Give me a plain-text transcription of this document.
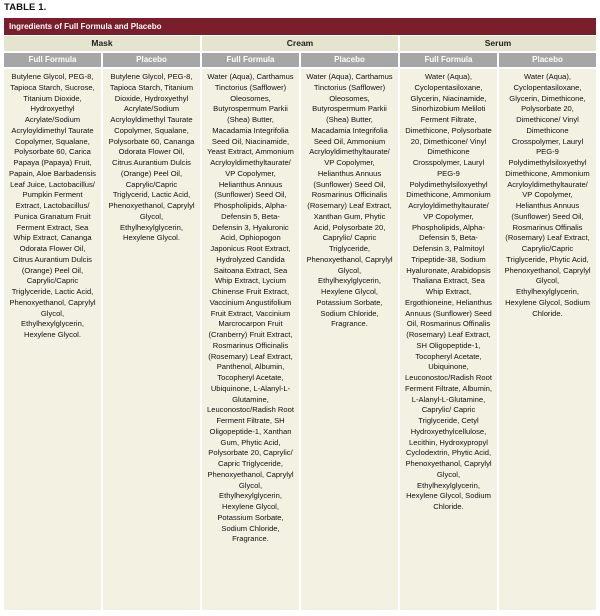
TABLE 1.
Ingredients of Full Formula and Placebo
Mask	Cream	Serum
Full Formula	Placebo	Full Formula	Placebo	Full Formula	Placebo
Butylene Glycol, PEG-8, Tapioca Starch, Sucrose, Titanium Dioxide, Hydroxyethyl Acrylate/Sodium Acryloyldimethyl Taurate Copolymer, Squalane, Polysorbate 60, Carica Papaya (Papaya) Fruit, Papain, Aloe Barbadensis Leaf Juice, Lactobacillus/ Pumpkin Ferment Extract, Lactobacillus/ Punica Granatum Fruit Ferment Extract, Sea Whip Extract, Cananga Odorata Flower Oil, Citrus Aurantium Dulcis (Orange) Peel Oil, Caprylic/Capric Triglyceride, Lactic Acid, Phenoxyethanol, Caprylyl Glycol, Ethylhexylglycerin, Hexylene Glycol.
Butylene Glycol, PEG-8, Tapioca Starch, Titanium Dioxide, Hydroxyethyl Acrylate/Sodium Acryloyldimethyl Taurate Copolymer, Squalane, Polysorbate 60, Cananga Odorata Flower Oil, Citrus Aurantium Dulcis (Orange) Peel Oil, Caprylic/Capric Triglycerid, Lactic Acid, Phenoxyethanol, Caprylyl Glycol, Ethylhexylglycerin, Hexylene Glycol.
Water (Aqua), Carthamus Tinctorius (Safflower) Oleosomes, Butyrospermum Parkii (Shea) Butter, Macadamia Integrifolia Seed Oil, Niacinamide, Yeast Extract, Ammonium Acryloyldimethyltaurate/ VP Copolymer, Helianthus Annuus (Sunflower) Seed Oil, Phospholipids, Alpha-Defensin 5, Beta-Defensin 3, Hyaluronic Acid, Ophiopogon Japonicus Root Extract, Hydrolyzed Candida Saitoana Extract, Sea Whip Extract, Lycium Chinense Fruit Extract, Vaccinium Angustifolium Fruit Extract, Vaccinium Marcrocarpon Fruit (Cranberry) Fruit Extract, Rosmarinus Officinalis (Rosemary) Leaf Extract, Panthenol, Albumin, Tocopheryl Acetate, Ubiquinone, L-Alanyl-L-Glutamine, Leuconostoc/Radish Root Ferment Filtrate, SH Oligopeptide-1, Xanthan Gum, Phytic Acid, Polysorbate 20, Caprylic/ Capric Triglyceride, Phenoxyethanol, Caprylyl Glycol, Ethylhexylglycerin, Hexylene Glycol, Potassium Sorbate, Sodium Chloride, Fragrance.
Water (Aqua), Carthamus Tinctorius (Safflower) Oleosomes, Butyrospermum Parkii (Shea) Butter, Macadamia Integrifolia Seed Oil, Ammonium Acryloyldimethyltaurate/ VP Copolymer, Helianthus Annuus (Sunflower) Seed Oil, Rosmarinus Officinalis (Rosemary) Leaf Extract, Xanthan Gum, Phytic Acid, Polysorbate 20, Caprylic/ Capric Triglyceride, Phenoxyethanol, Caprylyl Glycol, Ethylhexylglycerin, Hexylene Glycol, Potassium Sorbate, Sodium Chloride, Fragrance.
Water (Aqua), Cyclopentasiloxane, Glycerin, Niacinamide, Sinorhizobium Meliloti Ferment Filtrate, Dimethicone, Polysorbate 20, Dimethicone/ Vinyl Dimethicone Crosspolymer, Lauryl PEG-9 Polydimethylsiloxyethyl Dimethicone, Ammonium Acryloyldimethyltaurate/ VP Copolymer, Phospholipids, Alpha-Defensin 5, Beta-Defensin 3, Palmitoyl Tripeptide-38, Sodium Hyaluronate, Arabidopsis Thaliana Extract, Sea Whip Extract, Ergothioneine, Helianthus Annuus (Sunflower) Seed Oil, Rosmarinus Offinalis (Rosemary) Leaf Extract, SH Oligopeptide-1, Tocopheryl Acetate, Ubiquinone, Leuconostoc/Radish Root Ferment Filtrate, Albumin, L-Alanyl-L-Glutamine, Caprylic/ Capric Triglyceride, Cetyl Hydroxyethylcellulose, Lecithin, Hydroxypropyl Cyclodextrin, Phytic Acid, Phenoxyethanol, Caprylyl Glycol, Ethylhexylglycerin, Hexylene Glycol, Sodium Chloride.
Water (Aqua), Cyclopentasiloxane, Glycerin, Dimethicone, Polysorbate 20, Dimethicone/ Vinyl Dimethicone Crosspolymer, Lauryl PEG-9 Polydimethylsiloxyethyl Dimethicone, Ammonium Acryloyldimethyltaurate/ VP Copolymer, Helianthus Annuus (Sunflower) Seed Oil, Rosmarinus Offinalis (Rosemary) Leaf Extract, Caprylic/Capric Triglyceride, Phytic Acid, Phenoxyethanol, Caprylyl Glycol, Ethylhexylglycerin, Hexylene Glycol, Sodium Chloride.
